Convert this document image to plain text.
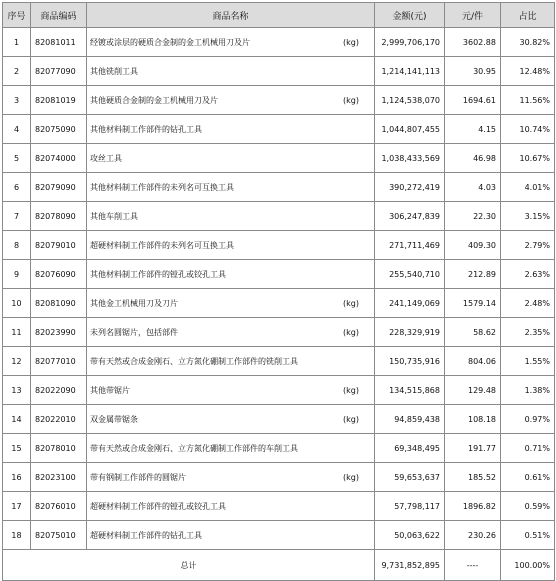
序号	商品编码	商品名称	金额(元)	元/件	占比
1	82081011	经镀或涂层的硬质合金制的金工机械用刀及片 (kg)	2,999,706,170	3602.88	30.82%
2	82077090	其他铣削工具	1,214,141,113	30.95	12.48%
3	82081019	其他硬质合金制的金工机械用刀及片 (kg)	1,124,538,070	1694.61	11.56%
4	82075090	其他材料制工作部件的钻孔工具	1,044,807,455	4.15	10.74%
5	82074000	攻丝工具	1,038,433,569	46.98	10.67%
6	82079090	其他材料制工作部件的未列名可互换工具	390,272,419	4.03	4.01%
7	82078090	其他车削工具	306,247,839	22.30	3.15%
8	82079010	超硬材料制工作部件的未列名可互换工具	271,711,469	409.30	2.79%
9	82076090	其他材料制工作部件的镗孔或铰孔工具	255,540,710	212.89	2.63%
10	82081090	其他金工机械用刀及刀片 (kg)	241,149,069	1579.14	2.48%
11	82023990	未列名圆锯片，包括部件 (kg)	228,329,919	58.62	2.35%
12	82077010	带有天然或合成金刚石、立方氮化硼制工作部件的铣削工具	150,735,916	804.06	1.55%
13	82022090	其他带锯片 (kg)	134,515,868	129.48	1.38%
14	82022010	双金属带锯条 (kg)	94,859,438	108.18	0.97%
15	82078010	带有天然或合成金刚石、立方氮化硼制工作部件的车削工具	69,348,495	191.77	0.71%
16	82023100	带有钢制工作部件的圆锯片 (kg)	59,653,637	185.52	0.61%
17	82076010	超硬材料制工作部件的镗孔或铰孔工具	57,798,117	1896.82	0.59%
18	82075010	超硬材料制工作部件的钻孔工具	50,063,622	230.26	0.51%
总计			9,731,852,895	----	100.00%
